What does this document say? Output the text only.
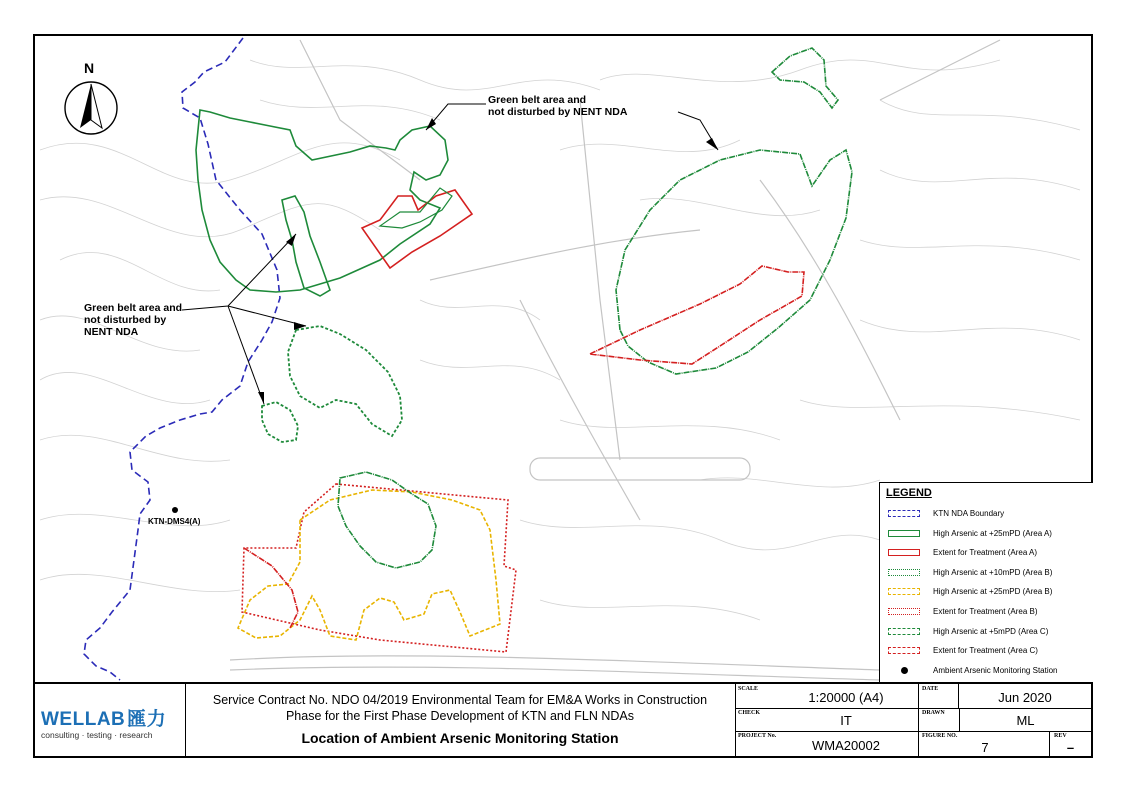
N
Green belt area and
not disturbed by NENT NDA
Green belt area and
not disturbed by
NENT NDA
KTN-DMS4(A)
LEGEND
KTN NDA Boundary
High Arsenic at +25mPD (Area A)
Extent for Treatment (Area A)
High Arsenic at +10mPD (Area B)
High Arsenic at +25mPD (Area B)
Extent for Treatment (Area B)
High Arsenic at +5mPD (Area C)
Extent for Treatment (Area C)
Ambient Arsenic Monitoring Station
WELLAB 匯力
consulting · testing · research
Service Contract No. NDO 04/2019 Environmental Team for EM&A Works in Construction
Phase for the First Phase Development of KTN and FLN NDAs
Location of Ambient Arsenic Monitoring Station
SCALE
1:20000 (A4)
DATE
Jun 2020
CHECK	IT	DRAWN	ML
PROJECT No.
WMA20002
FIGURE NO.
7
REV
–
